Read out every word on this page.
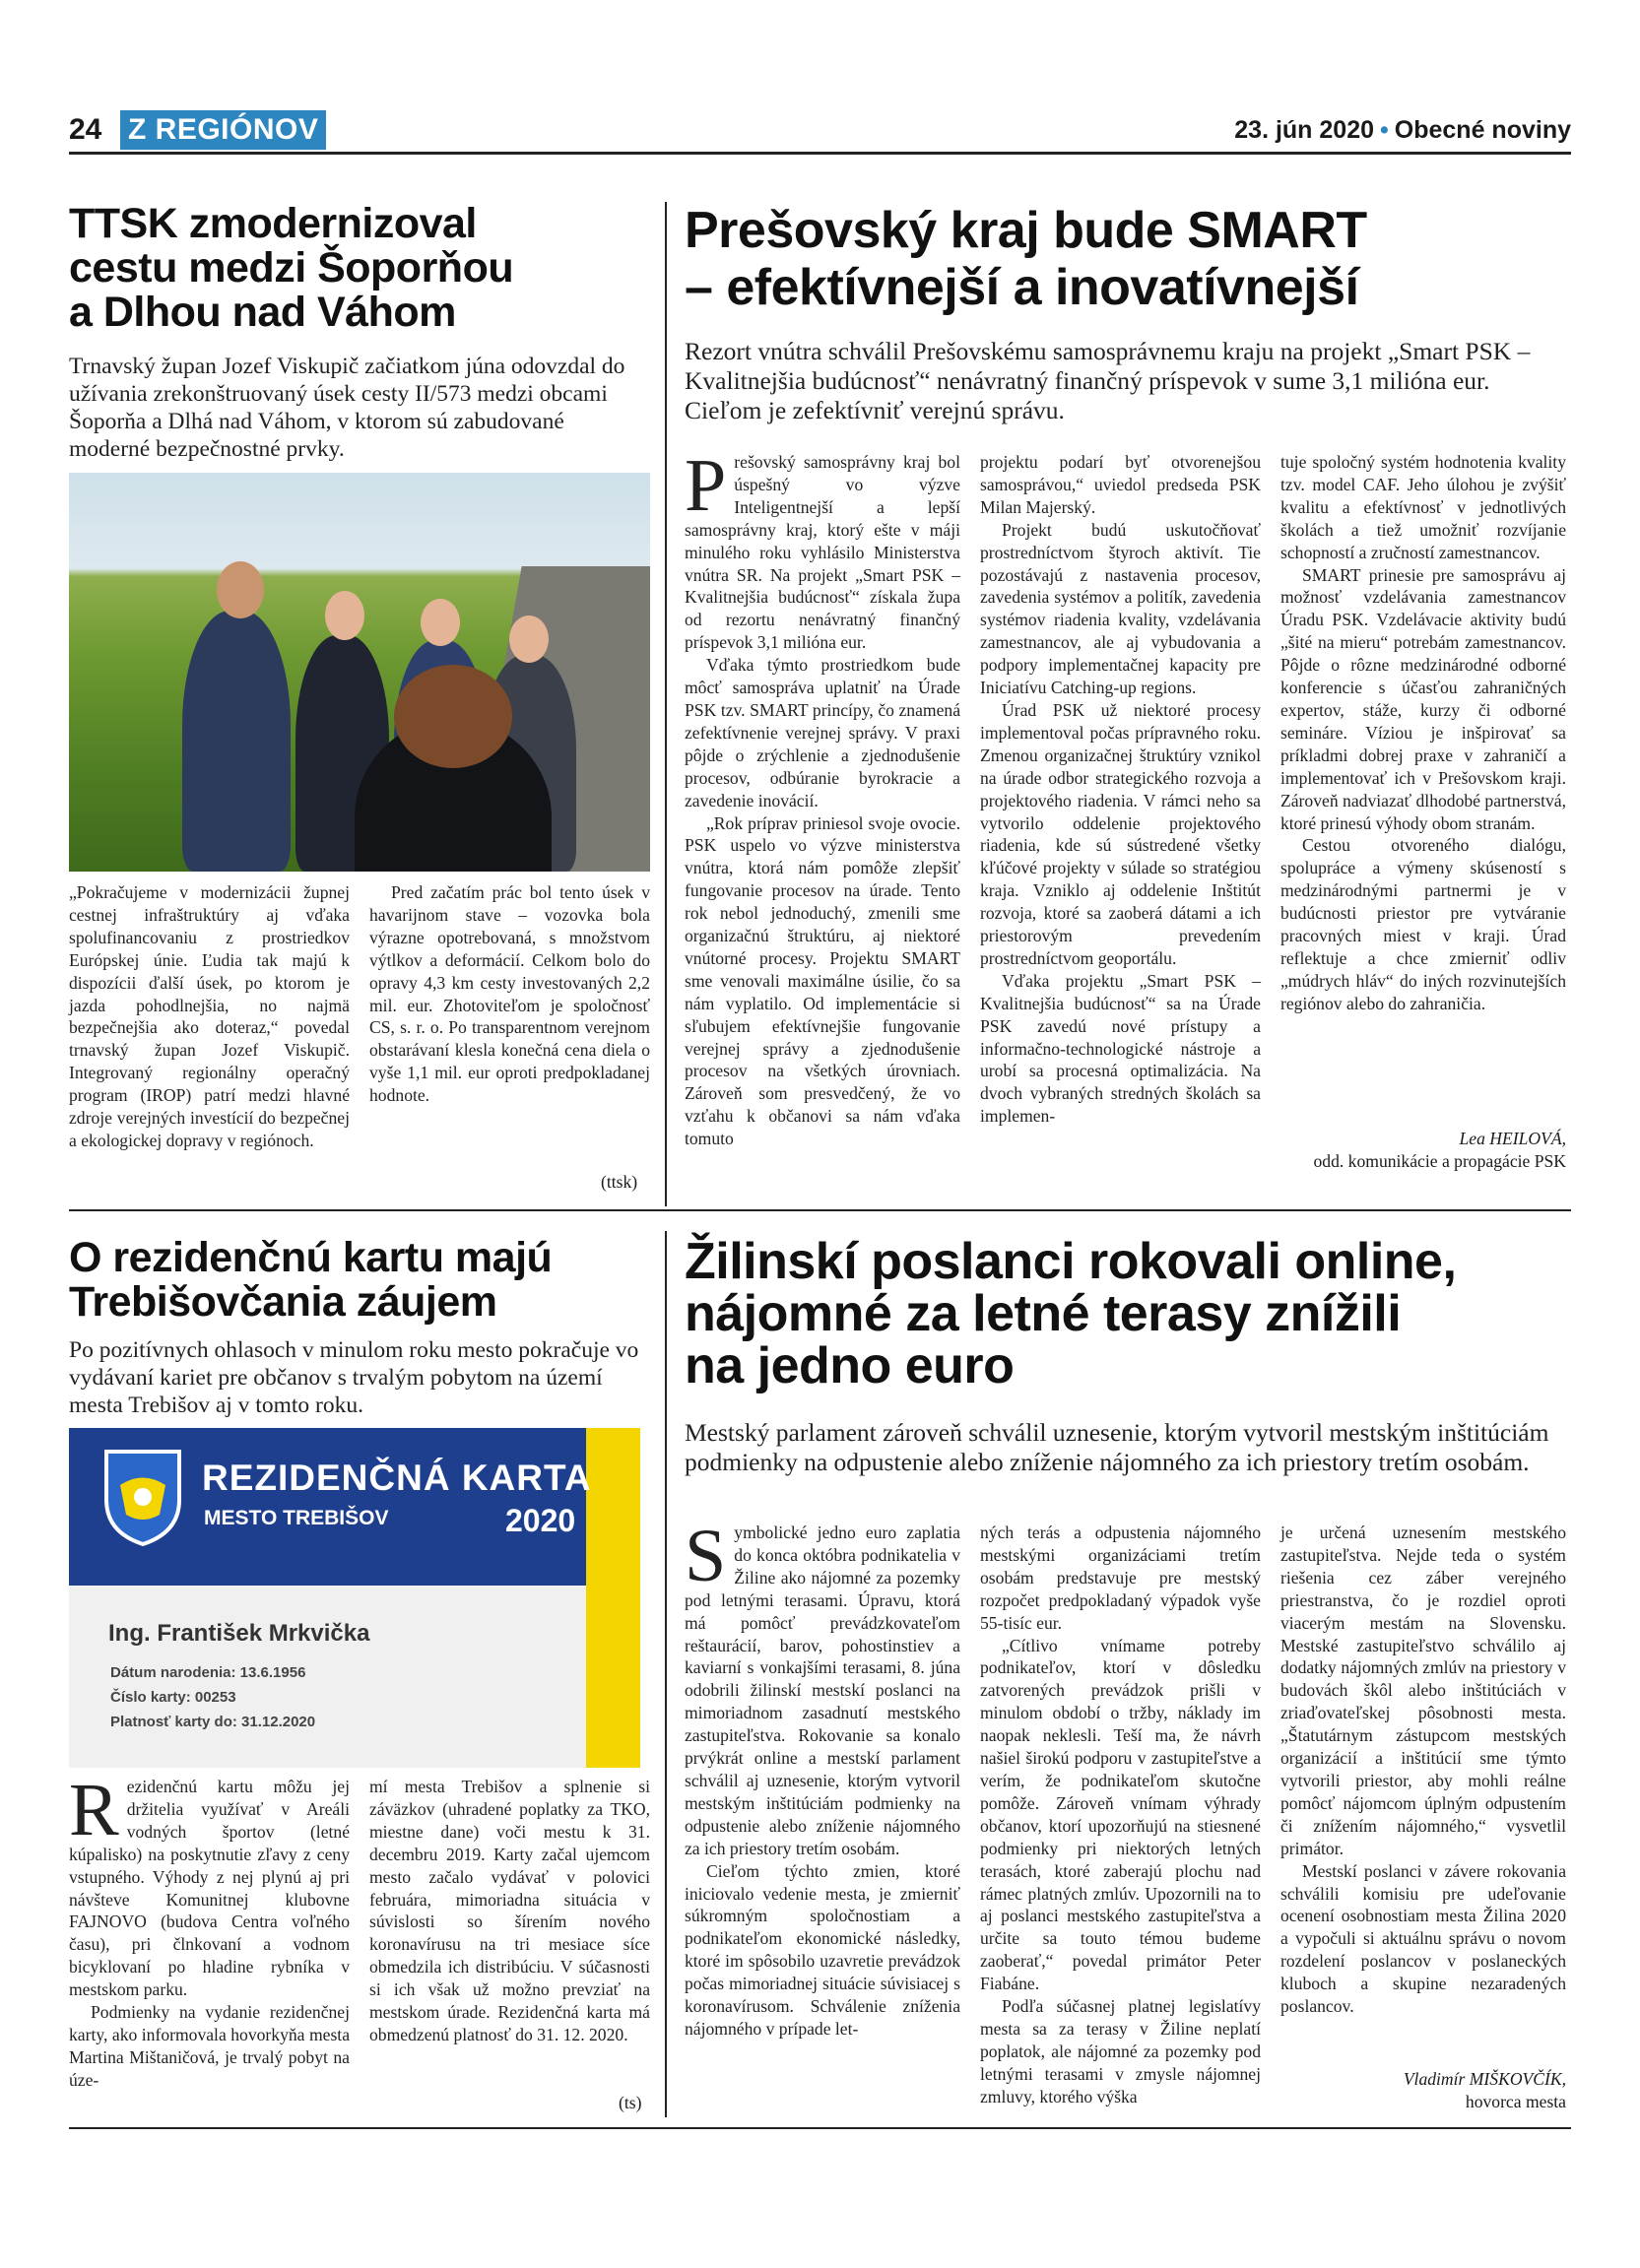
24 Z REGIÓNOV	23. jún 2020 • Obecné noviny
TTSK zmodernizoval
cestu medzi Šoporňou
a Dlhou nad Váhom
Trnavský župan Jozef Viskupič začiatkom júna odovzdal do užívania zrekonštruovaný úsek cesty II/573 medzi obcami Šoporňa a Dlhá nad Váhom, v ktorom sú zabudované moderné bezpečnostné prvky.

„Pokračujeme v modernizácii župnej cestnej infraštruktúry aj vďaka spolufinancovaniu z prostriedkov Európskej únie. Ľudia tak majú k dispozícii ďalší úsek, po ktorom je jazda pohodlnejšia, no najmä bezpečnejšia ako doteraz,“ povedal trnavský župan Jozef Viskupič. Integrovaný regionálny operačný program (IROP) patrí medzi hlavné zdroje verejných investícií do bezpečnej a ekologickej dopravy v regiónoch.

Pred začatím prác bol tento úsek v havarijnom stave – vozovka bola výrazne opotrebovaná, s množstvom výtlkov a deformácií. Celkom bolo do opravy 4,3 km cesty investovaných 2,2 mil. eur. Zhotoviteľom je spoločnosť CS, s. r. o. Po transparentnom verejnom obstarávaní klesla konečná cena diela o vyše 1,1 mil. eur oproti predpokladanej hodnote.

(ttsk)
Prešovský kraj bude SMART
– efektívnejší a inovatívnejší
Rezort vnútra schválil Prešovskému samosprávnemu kraju na projekt „Smart PSK – Kvalitnejšia budúcnosť“ nenávratný finančný príspevok v sume 3,1 milióna eur. Cieľom je zefektívniť verejnú správu.
P rešovský samosprávny kraj bol úspešný vo výzve Inteligentnejší a lepší samosprávny kraj, ktorý ešte v máji minulého roku vyhlásilo Ministerstva vnútra SR. Na projekt „Smart PSK – Kvalitnejšia budúcnosť“ získala župa od rezortu nenávratný finančný príspevok 3,1 milióna eur.

Vďaka týmto prostriedkom bude môcť samospráva uplatniť na Úrade PSK tzv. SMART princípy, čo znamená zefektívnenie verejnej správy. V praxi pôjde o zrýchlenie a zjednodušenie procesov, odbúranie byrokracie a zavedenie inovácií.

„Rok príprav priniesol svoje ovocie. PSK uspelo vo výzve ministerstva vnútra, ktorá nám pomôže zlepšiť fungovanie procesov na úrade. Tento rok nebol jednoduchý, zmenili sme organizačnú štruktúru, aj niektoré vnútorné procesy. Projektu SMART sme venovali maximálne úsilie, čo sa nám vyplatilo. Od implementácie si sľubujem efektívnejšie fungovanie verejnej správy a zjednodušenie procesov na všetkých úrovniach. Zároveň som presvedčený, že vo vzťahu k občanovi sa nám vďaka tomuto

projektu podarí byť otvorenejšou samosprávou,“ uviedol predseda PSK Milan Majerský.

Projekt budú uskutočňovať prostredníctvom štyroch aktivít. Tie pozostávajú z nastavenia procesov, zavedenia systémov a politík, zavedenia systémov riadenia kvality, vzdelávania zamestnancov, ale aj vybudovania a podpory implementačnej kapacity pre Iniciatívu Catching-up regions.

Úrad PSK už niektoré procesy implementoval počas prípravného roku. Zmenou organizačnej štruktúry vznikol na úrade odbor strategického rozvoja a projektového riadenia. V rámci neho sa vytvorilo oddelenie projektového riadenia, kde sú sústredené všetky kľúčové projekty v súlade so stratégiou kraja. Vzniklo aj oddelenie Inštitút rozvoja, ktoré sa zaoberá dátami a ich priestorovým prevedením prostredníctvom geoportálu.

Vďaka projektu „Smart PSK – Kvalitnejšia budúcnosť“ sa na Úrade PSK zavedú nové prístupy a informačno-technologické nástroje a urobí sa procesná optimalizácia. Na dvoch vybraných stredných školách sa implemen-

tuje spoločný systém hodnotenia kvality tzv. model CAF. Jeho úlohou je zvýšiť kvalitu a efektívnosť v jednotlivých školách a tiež umožniť rozvíjanie schopností a zručností zamestnancov.

SMART prinesie pre samosprávu aj možnosť vzdelávania zamestnancov Úradu PSK. Vzdelávacie aktivity budú „šité na mieru“ potrebám zamestnancov. Pôjde o rôzne medzinárodné odborné konferencie s účasťou zahraničných expertov, stáže, kurzy či odborné semináre. Víziou je inšpirovať sa príkladmi dobrej praxe v zahraničí a implementovať ich v Prešovskom kraji. Zároveň nadviazať dlhodobé partnerstvá, ktoré prinesú výhody obom stranám.

Cestou otvoreného dialógu, spolupráce a výmeny skúseností s medzinárodnými partnermi je v budúcnosti priestor pre vytváranie pracovných miest v kraji. Úrad reflektuje a chce zmierniť odliv „múdrych hláv“ do iných rozvinutejších regiónov alebo do zahraničia.

Lea HEILOVÁ,
odd. komunikácie a propagácie PSK
O rezidenčnú kartu majú
Trebišovčania záujem
Po pozitívnych ohlasoch v minulom roku mesto pokračuje vo vydávaní kariet pre občanov s trvalým pobytom na území mesta Trebišov aj v tomto roku.
REZIDENČNÁ KARTA
MESTO TREBIŠOV	2020
Ing. František Mrkvička
Dátum narodenia: 13.6.1956
Číslo karty: 00253
Platnosť karty do: 31.12.2020
R ezidenčnú kartu môžu jej držitelia využívať v Areáli vodných športov (letné kúpalisko) na poskytnutie zľavy z ceny vstupného. Výhody z nej plynú aj pri návšteve Komunitnej klubovne FAJNOVO (budova Centra voľného času), pri člnkovaní a vodnom bicyklovaní po hladine rybníka v mestskom parku.

Podmienky na vydanie rezidenčnej karty, ako informovala hovorkyňa mesta Martina Mištaničová, je trvalý pobyt na úze-

mí mesta Trebišov a splnenie si záväzkov (uhradené poplatky za TKO, miestne dane) voči mestu k 31. decembru 2019. Karty začal ujemcom mesto začalo vydávať v polovici februára, mimoriadna situácia v súvislosti so šírením nového koronavírusu na tri mesiace síce obmedzila ich distribúciu. V súčasnosti si ich však už možno prevziať na mestskom úrade. Rezidenčná karta má obmedzenú platnosť do 31. 12. 2020.

(ts)
Žilinskí poslanci rokovali online,
nájomné za letné terasy znížili
na jedno euro
Mestský parlament zároveň schválil uznesenie, ktorým vytvoril mestským inštitúciám podmienky na odpustenie alebo zníženie nájomného za ich priestory tretím osobám.
S ymbolické jedno euro zaplatia do konca októbra podnikatelia v Žiline ako nájomné za pozemky pod letnými terasami. Úpravu, ktorá má pomôcť prevádzkovateľom reštaurácií, barov, pohostinstiev a kaviarní s vonkajšími terasami, 8. júna odobrili žilinskí mestskí poslanci na mimoriadnom zasadnutí mestského zastupiteľstva. Rokovanie sa konalo prvýkrát online a mestskí parlament schválil aj uznesenie, ktorým vytvoril mestským inštitúciám podmienky na odpustenie alebo zníženie nájomného za ich priestory tretím osobám.

Cieľom týchto zmien, ktoré iniciovalo vedenie mesta, je zmierniť súkromným spoločnostiam a podnikateľom ekonomické následky, ktoré im spôsobilo uzavretie prevádzok počas mimoriadnej situácie súvisiacej s koronavírusom. Schválenie zníženia nájomného v prípade let-

ných terás a odpustenia nájomného mestskými organizáciami tretím osobám predstavuje pre mestský rozpočet predpokladaný výpadok vyše 55-tisíc eur.

„Cítlivo vnímame potreby podnikateľov, ktorí v dôsledku zatvorených prevádzok prišli v minulom období o tržby, náklady im naopak neklesli. Teší ma, že návrh našiel širokú podporu v zastupiteľstve a verím, že podnikateľom skutočne pomôže. Zároveň vnímam výhrady občanov, ktorí upozorňujú na stiesnené podmienky pri niektorých letných terasách, ktoré zaberajú plochu nad rámec platných zmlúv. Upozornili na to aj poslanci mestského zastupiteľstva a určite sa touto témou budeme zaoberať,“ povedal primátor Peter Fiabáne.

Podľa súčasnej platnej legislatívy mesta sa za terasy v Žiline neplatí poplatok, ale nájomné za pozemky pod letnými terasami v zmysle nájomnej zmluvy, ktorého výška

je určená uznesením mestského zastupiteľstva. Nejde teda o systém riešenia cez záber verejného priestranstva, čo je rozdiel oproti viacerým mestám na Slovensku. Mestské zastupiteľstvo schválilo aj dodatky nájomných zmlúv na priestory v budovách škôl alebo inštitúciách v zriaďovateľskej pôsobnosti mesta. „Štatutárnym zástupcom mestských organizácií a inštitúcií sme týmto vytvorili priestor, aby mohli reálne pomôcť nájomcom úplným odpustením či znížením nájomného,“ vysvetlil primátor.

Mestskí poslanci v závere rokovania schválili komisiu pre udeľovanie ocenení osobnostiam mesta Žilina 2020 a vypočuli si aktuálnu správu o novom rozdelení poslancov v poslaneckých kluboch a skupine nezaradených poslancov.

Vladimír MIŠKOVČÍK,
hovorca mesta
